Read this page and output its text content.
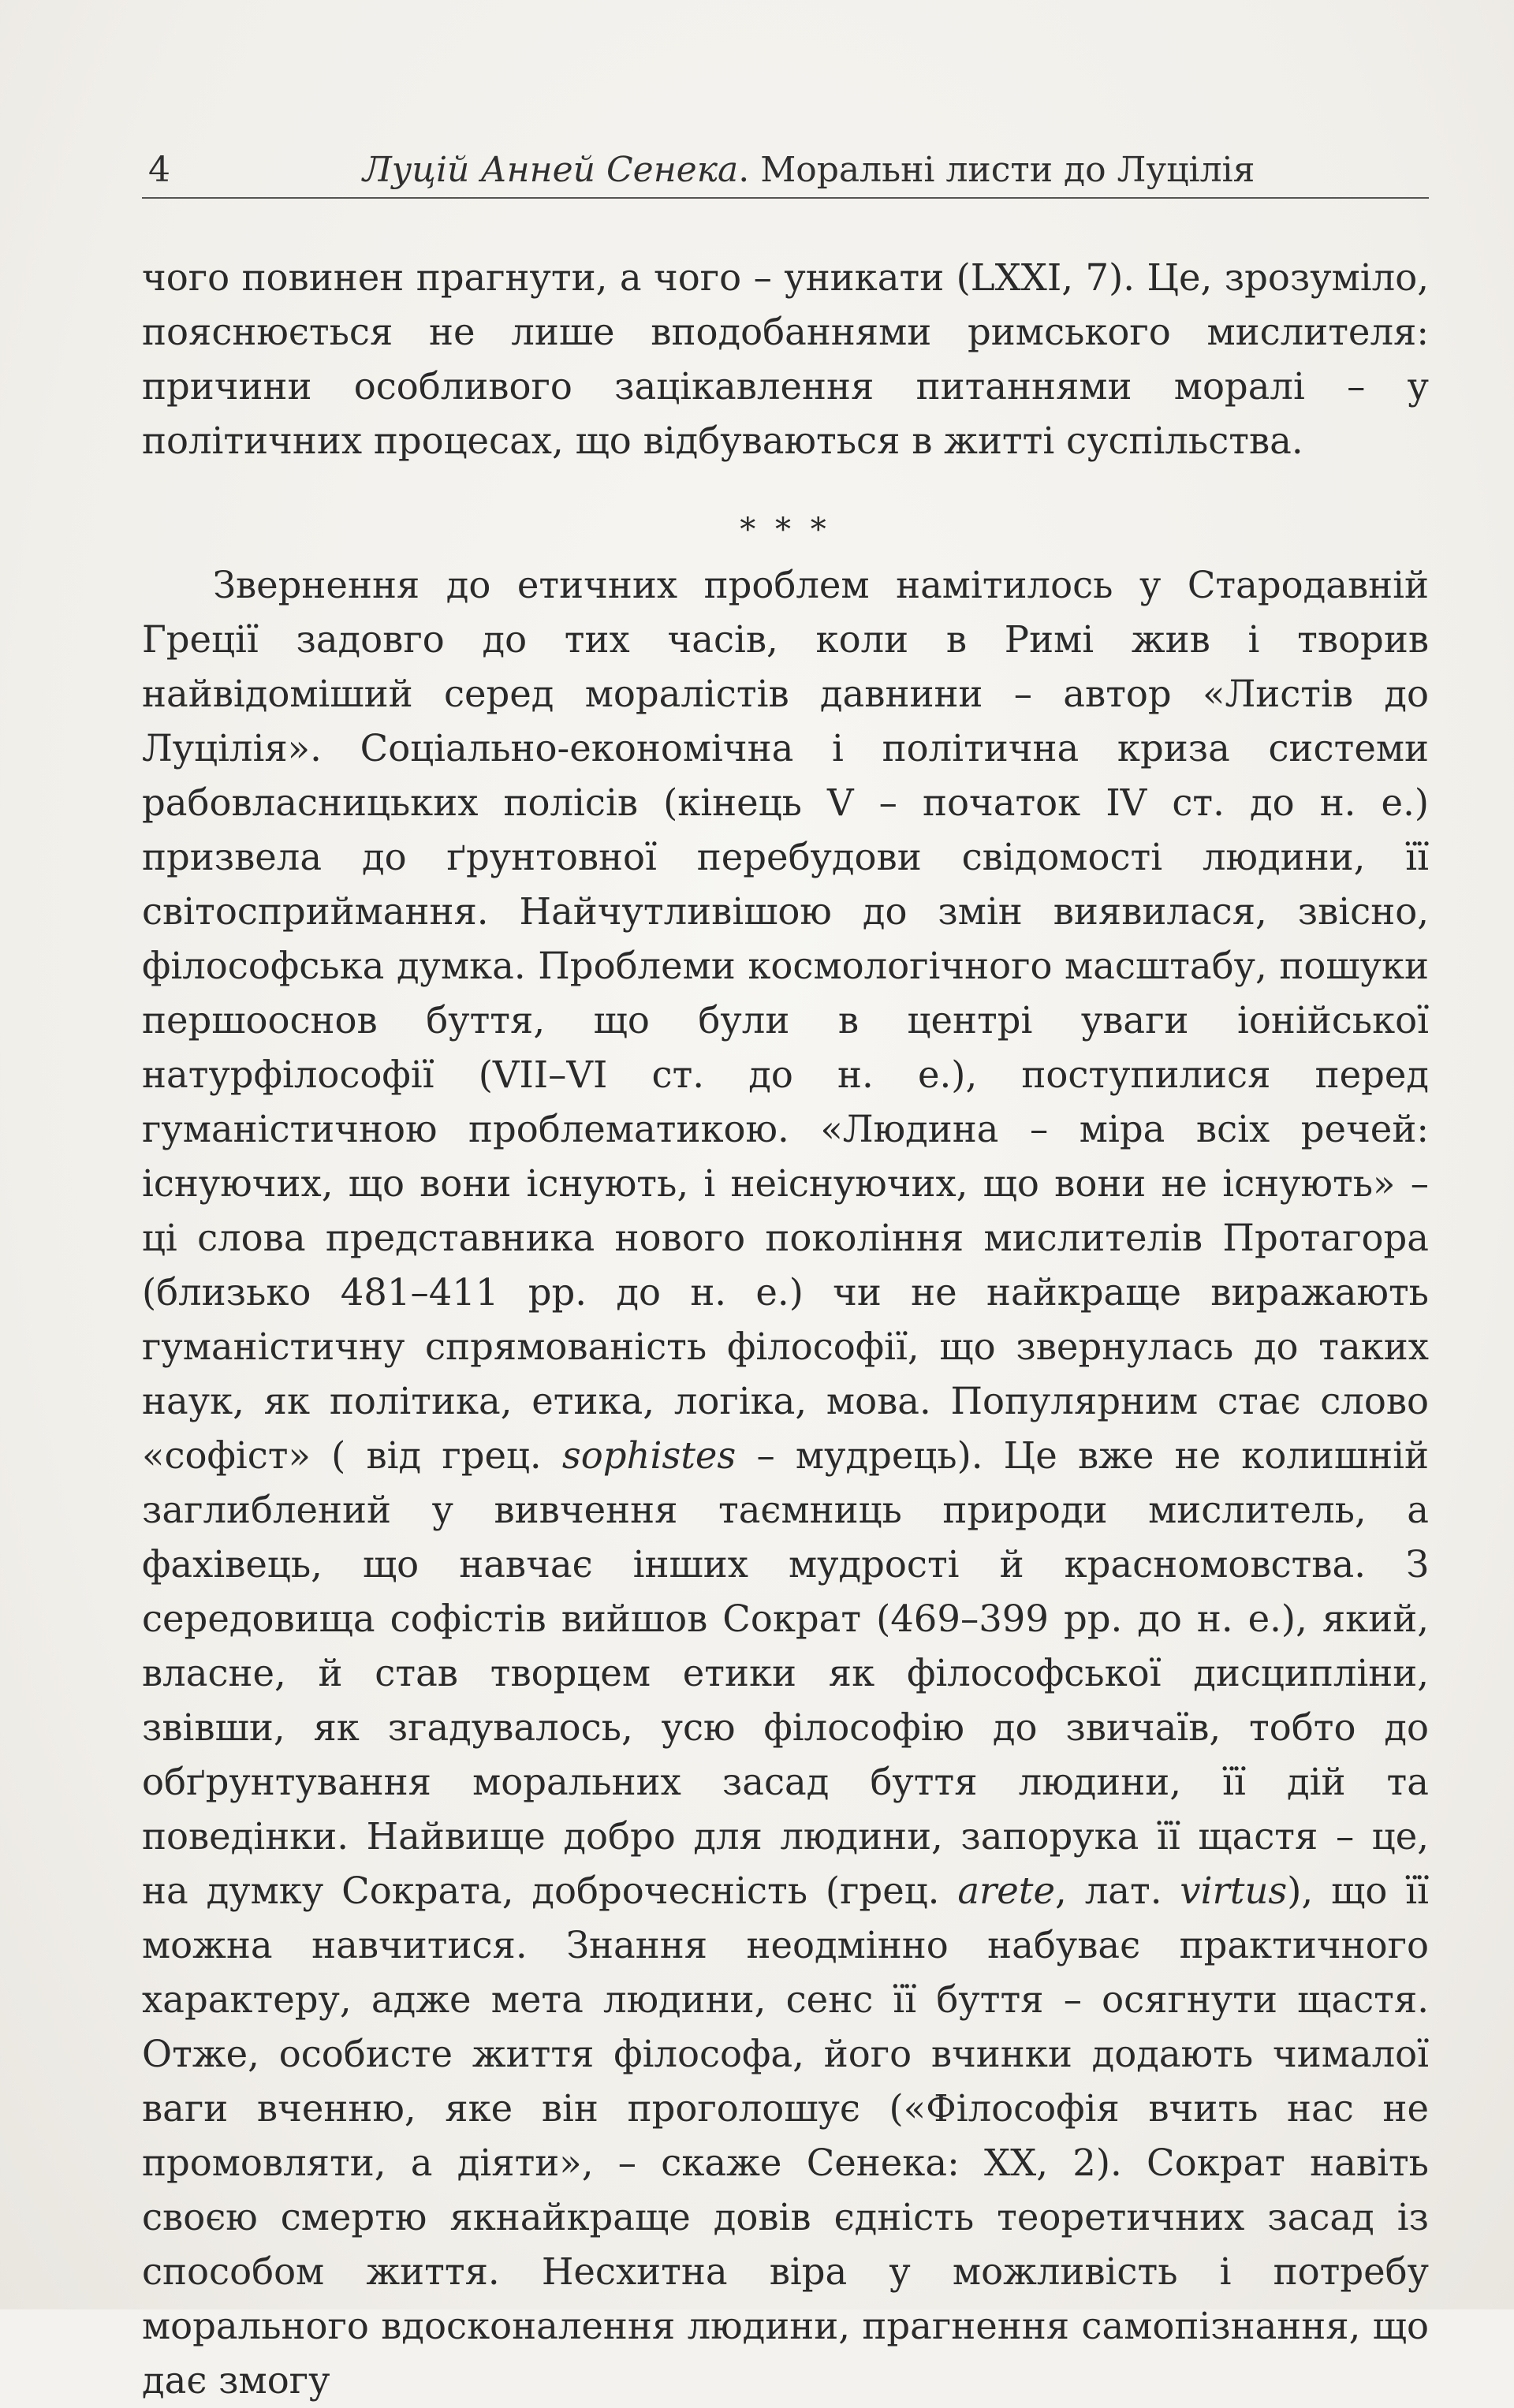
4	Луцій Анней Сенека. Моральні листи до Луцілія

чого повинен прагнути, а чого – уникати (LXXI, 7). Це, зрозуміло, пояснюється не лише вподобаннями римського мислителя: причини особливого зацікавлення питаннями моралі – у політичних процесах, що відбуваються в житті суспільства.

* * *

Звернення до етичних проблем намітилось у Стародавній Греції задовго до тих часів, коли в Римі жив і творив найвідоміший серед моралістів давнини – автор «Листів до Луцілія». Соціально-економічна і політична криза системи рабовласницьких полісів (кінець V – початок IV ст. до н. е.) призвела до ґрунтовної перебудови свідомості людини, її світосприймання. Найчутливішою до змін виявилася, звісно, філософська думка. Проблеми космологічного масштабу, пошуки першооснов буття, що були в центрі уваги іонійської натурфілософії (VII–VI ст. до н. е.), поступилися перед гуманістичною проблематикою. «Людина – міра всіх речей: існуючих, що вони існують, і неіснуючих, що вони не існують» – ці слова представника нового покоління мислителів Протагора (близько 481–411 рр. до н. е.) чи не найкраще виражають гуманістичну спрямованість філософії, що звернулась до таких наук, як політика, етика, логіка, мова. Популярним стає слово «софіст» ( від грец. sophistes – мудрець). Це вже не колишній заглиблений у вивчення таємниць природи мислитель, а фахівець, що навчає інших мудрості й красномовства. З середовища софістів вийшов Сократ (469–399 рр. до н. е.), який, власне, й став творцем етики як філософської дисципліни, звівши, як згадувалось, усю філософію до звичаїв, тобто до обґрунтування моральних засад буття людини, її дій та поведінки. Найвище добро для людини, запорука її щастя – це, на думку Сократа, доброчесність (грец. arete, лат. virtus), що її можна навчитися. Знання неодмінно набуває практичного характеру, адже мета людини, сенс її буття – осягнути щастя. Отже, особисте життя філософа, його вчинки додають чималої ваги вченню, яке він проголошує («Філософія вчить нас не промовляти, а діяти», – скаже Сенека: XX, 2). Сократ навіть своєю смертю якнайкраще довів єдність теоретичних засад із способом життя. Несхитна віра у можливість і потребу морального вдосконалення людини, прагнення самопізнання, що дає змогу
